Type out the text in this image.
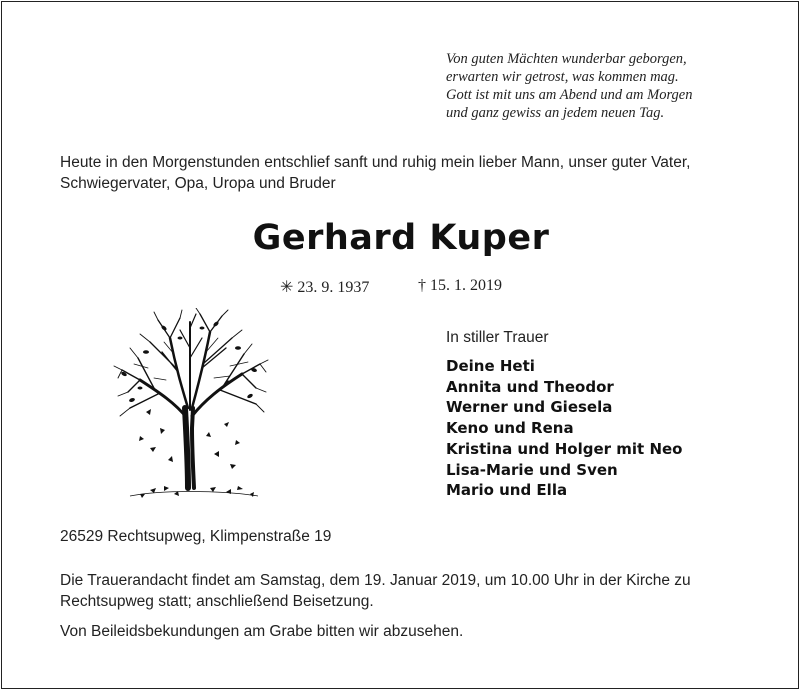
Von guten Mächten wunderbar geborgen,
erwarten wir getrost, was kommen mag.
Gott ist mit uns am Abend und am Morgen
und ganz gewiss an jedem neuen Tag.
Heute in den Morgenstunden entschlief sanft und ruhig mein lieber Mann, unser guter Vater, Schwiegervater, Opa, Uropa und Bruder
Gerhard Kuper
✳ 23. 9. 1937	† 15. 1. 2019
In stiller Trauer
Deine Heti
Annita und Theodor
Werner und Giesela
Keno und Rena
Kristina und Holger mit Neo
Lisa-Marie und Sven
Mario und Ella
26529 Rechtsupweg, Klimpenstraße 19
Die Trauerandacht findet am Samstag, dem 19. Januar 2019, um 10.00 Uhr in der Kirche zu Rechtsupweg statt; anschließend Beisetzung.
Von Beileidsbekundungen am Grabe bitten wir abzusehen.
